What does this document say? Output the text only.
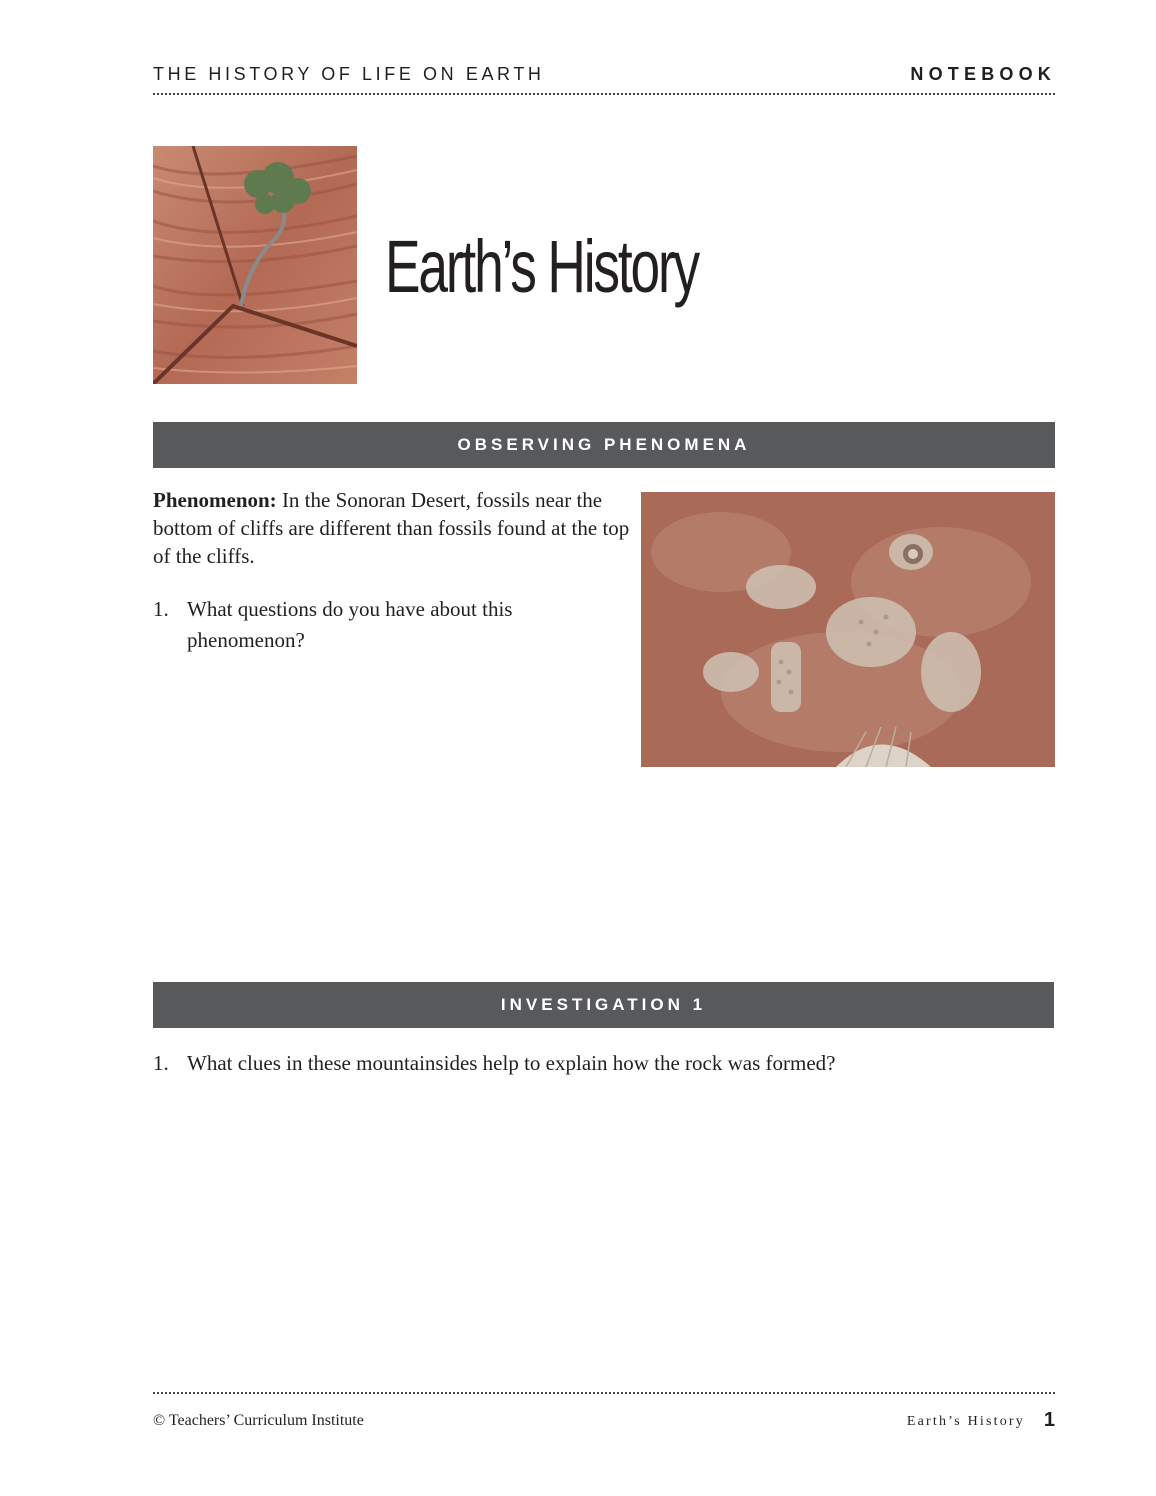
THE HISTORY OF LIFE ON EARTH	NOTEBOOK
Earth’s History
OBSERVING PHENOMENA
Phenomenon: In the Sonoran Desert, fossils near the bottom of cliffs are different than fossils found at the top of the cliffs.
1. What questions do you have about this phenomenon?
INVESTIGATION 1
1. What clues in these mountainsides help to explain how the rock was formed?
© Teachers’ Curriculum Institute	Earth’s History 1
